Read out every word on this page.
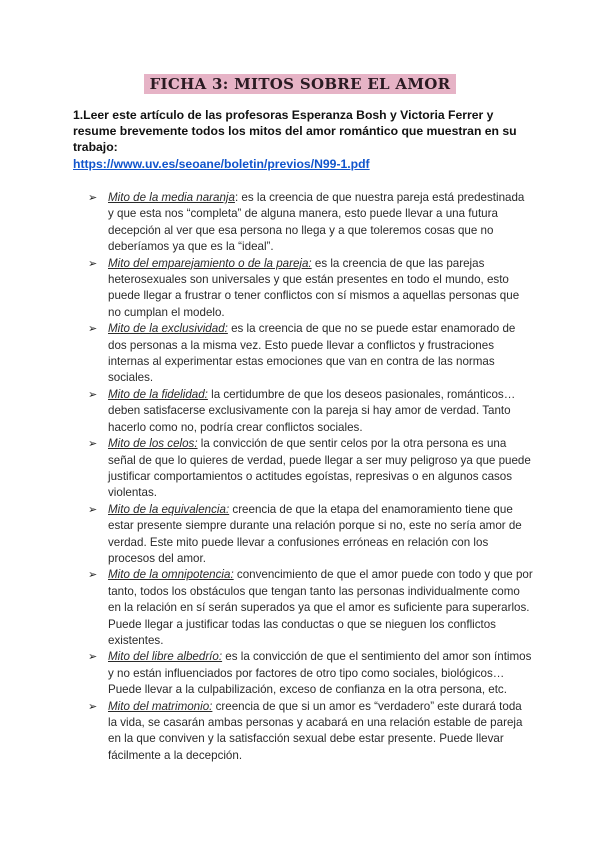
FICHA 3: MITOS SOBRE EL AMOR
1.Leer este artículo de las profesoras Esperanza Bosh y Victoria Ferrer y resume brevemente todos los mitos del amor romántico que muestran en su trabajo:
https://www.uv.es/seoane/boletin/previos/N99-1.pdf
➢ Mito de la media naranja: es la creencia de que nuestra pareja está predestinada y que esta nos “completa” de alguna manera, esto puede llevar a una futura decepción al ver que esa persona no llega y a que toleremos cosas que no deberíamos ya que es la “ideal”.
➢ Mito del emparejamiento o de la pareja: es la creencia de que las parejas heterosexuales son universales y que están presentes en todo el mundo, esto puede llegar a frustrar o tener conflictos con sí mismos a aquellas personas que no cumplan el modelo.
➢ Mito de la exclusividad: es la creencia de que no se puede estar enamorado de dos personas a la misma vez. Esto puede llevar a conflictos y frustraciones internas al experimentar estas emociones que van en contra de las normas sociales.
➢ Mito de la fidelidad: la certidumbre de que los deseos pasionales, románticos… deben satisfacerse exclusivamente con la pareja si hay amor de verdad. Tanto hacerlo como no, podría crear conflictos sociales.
➢ Mito de los celos: la convicción de que sentir celos por la otra persona es una señal de que lo quieres de verdad, puede llegar a ser muy peligroso ya que puede justificar comportamientos o actitudes egoístas, represivas o en algunos casos violentas.
➢ Mito de la equivalencia: creencia de que la etapa del enamoramiento tiene que estar presente siempre durante una relación porque si no, este no sería amor de verdad. Este mito puede llevar a confusiones erróneas en relación con los procesos del amor.
➢ Mito de la omnipotencia: convencimiento de que el amor puede con todo y que por tanto, todos los obstáculos que tengan tanto las personas individualmente como en la relación en sí serán superados ya que el amor es suficiente para superarlos. Puede llegar a justificar todas las conductas o que se nieguen los conflictos existentes.
➢ Mito del libre albedrío: es la convicción de que el sentimiento del amor son íntimos y no están influenciados por factores de otro tipo como sociales, biológicos… Puede llevar a la culpabilización, exceso de confianza en la otra persona, etc.
➢ Mito del matrimonio: creencia de que si un amor es “verdadero” este durará toda la vida, se casarán ambas personas y acabará en una relación estable de pareja en la que conviven y la satisfacción sexual debe estar presente. Puede llevar fácilmente a la decepción.
